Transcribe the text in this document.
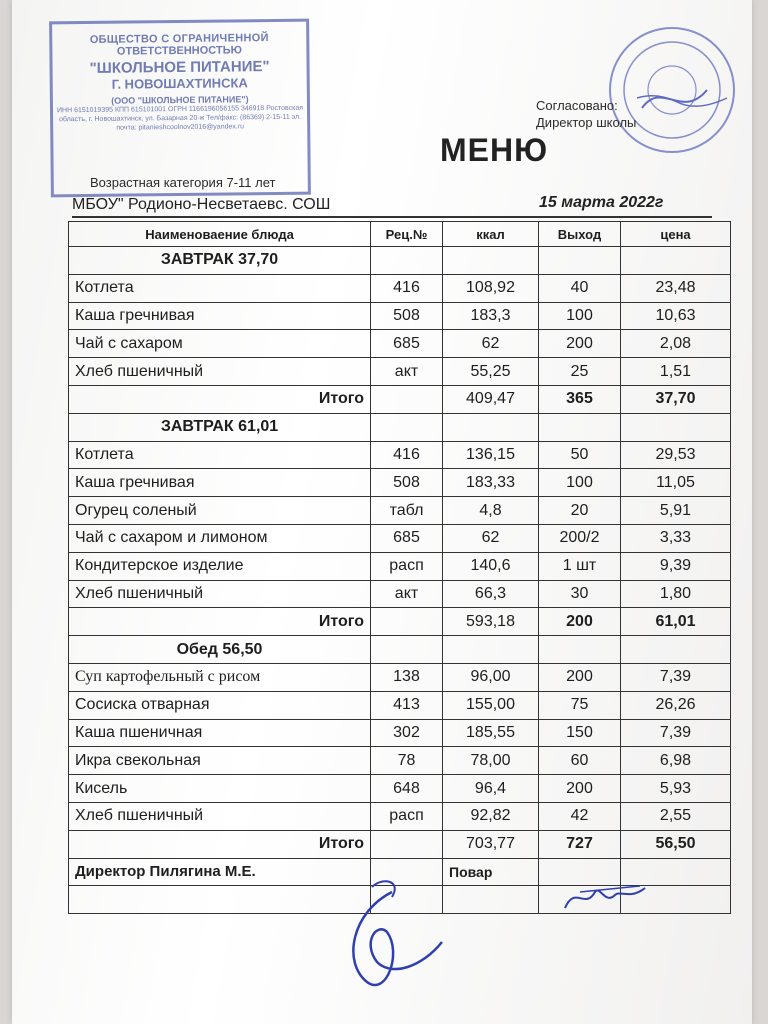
ОБЩЕСТВО С ОГРАНИЧЕННОЙ
ОТВЕТСТВЕННОСТЬЮ
"ШКОЛЬНОЕ ПИТАНИЕ"
Г. НОВОШАХТИНСКА
(ООО "ШКОЛЬНОЕ ПИТАНИЕ")
ИНН 6151019395 КПП 615101001 ОГРН 1166196056155 346918 Ростовская область, г. Новошахтинск, ул. Базарная 20-ж Тел/факс: (86369) 2-15-11 эл. почта: pitanieshcoolnov2016@yandex.ru
Возрастная категория 7-11 лет
Согласовано:
Директор школы
МЕНЮ
МБОУ" Родионо-Несветаевс. СОШ	15 марта 2022г
Наименоваение блюда	Рец.№	ккал	Выход	цена
ЗАВТРАК 37,70				
Котлета	416	108,92	40	23,48
Каша гречнивая	508	183,3	100	10,63
Чай с сахаром	685	62	200	2,08
Хлеб пшеничный	акт	55,25	25	1,51
Итого		409,47	365	37,70
ЗАВТРАК 61,01				
Котлета	416	136,15	50	29,53
Каша гречнивая	508	183,33	100	11,05
Огурец соленый	табл	4,8	20	5,91
Чай с сахаром и лимоном	685	62	200/2	3,33
Кондитерское изделие	расп	140,6	1 шт	9,39
Хлеб пшеничный	акт	66,3	30	1,80
Итого		593,18	200	61,01
Обед 56,50				
Суп картофельный с рисом	138	96,00	200	7,39
Сосиска отварная	413	155,00	75	26,26
Каша пшеничная	302	185,55	150	7,39
Икра свекольная	78	78,00	60	6,98
Кисель	648	96,4	200	5,93
Хлеб пшеничный	расп	92,82	42	2,55
Итого		703,77	727	56,50
Директор Пилягина М.Е.		Повар		
